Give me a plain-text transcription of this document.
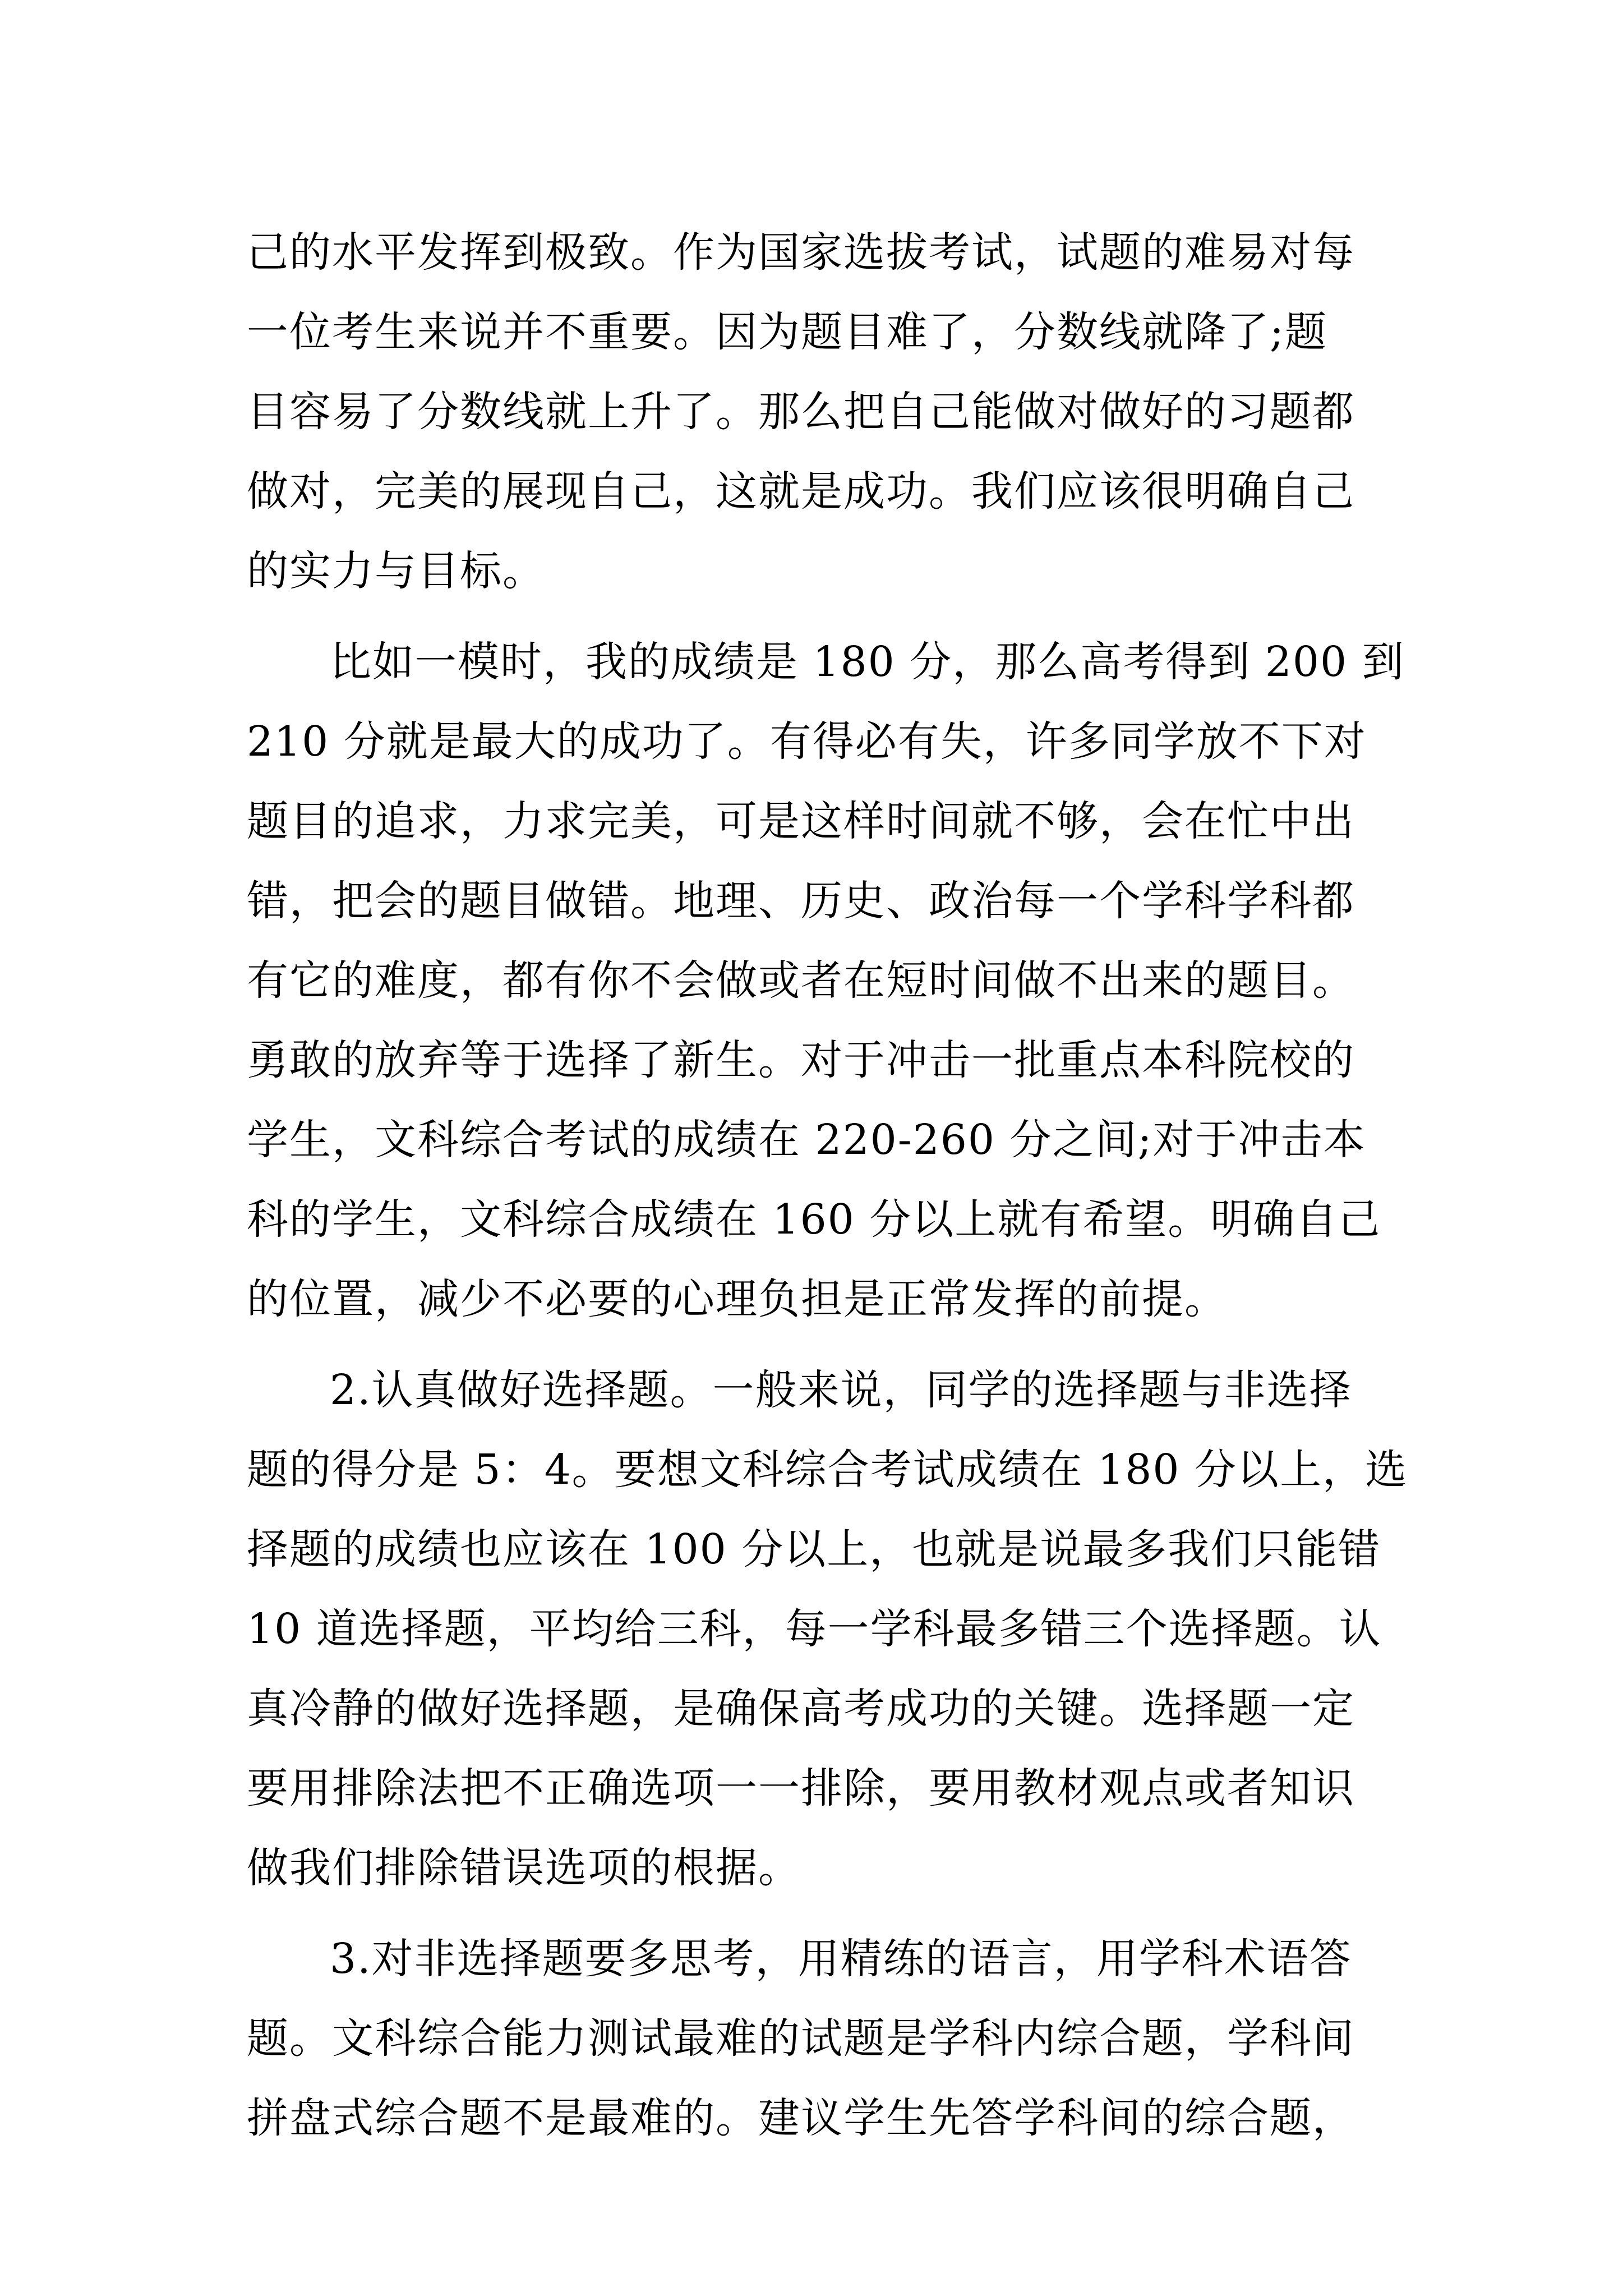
己的水平发挥到极致。作为国家选拔考试，试题的难易对每
一位考生来说并不重要。因为题目难了，分数线就降了;题
目容易了分数线就上升了。那么把自己能做对做好的习题都
做对，完美的展现自己，这就是成功。我们应该很明确自己
的实力与目标。
比如一模时，我的成绩是 180 分，那么高考得到 200 到
210 分就是最大的成功了。有得必有失，许多同学放不下对
题目的追求，力求完美，可是这样时间就不够，会在忙中出
错，把会的题目做错。地理、历史、政治每一个学科学科都
有它的难度，都有你不会做或者在短时间做不出来的题目。
勇敢的放弃等于选择了新生。对于冲击一批重点本科院校的
学生，文科综合考试的成绩在 220-260 分之间;对于冲击本
科的学生，文科综合成绩在 160 分以上就有希望。明确自己
的位置，减少不必要的心理负担是正常发挥的前提。
2.认真做好选择题。一般来说，同学的选择题与非选择
题的得分是 5：4。要想文科综合考试成绩在 180 分以上，选
择题的成绩也应该在 100 分以上，也就是说最多我们只能错
10 道选择题，平均给三科，每一学科最多错三个选择题。认
真冷静的做好选择题，是确保高考成功的关键。选择题一定
要用排除法把不正确选项一一排除，要用教材观点或者知识
做我们排除错误选项的根据。
3.对非选择题要多思考，用精练的语言，用学科术语答
题。文科综合能力测试最难的试题是学科内综合题，学科间
拼盘式综合题不是最难的。建议学生先答学科间的综合题，
